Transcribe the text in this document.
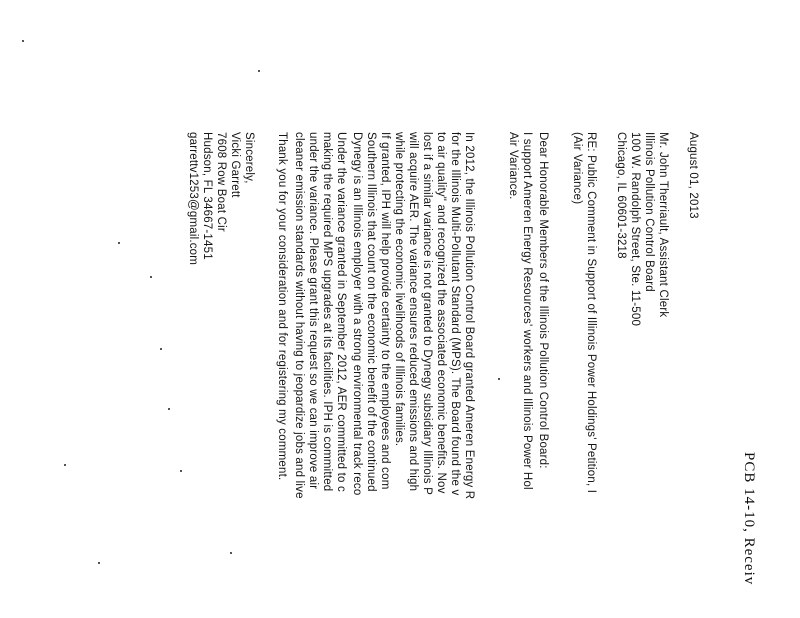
PCB 14-10, Receiv
August 01, 2013
Mr. John Therriault, Assistant Clerk
Illinois Pollution Control Board
100 W. Randolph Street, Ste. 11-500
Chicago, IL 60601-3218
RE: Public Comment in Support of Illinois Power Holdings' Petition, I
(Air Variance)
Dear Honorable Members of the Illinois Pollution Control Board:
I support Ameren Energy Resources' workers and Illinois Power Hol
Air Variance.
In 2012, the Illinois Pollution Control Board granted Ameren Energy R
for the Illinois Multi-Pollutant Standard (MPS). The Board found the v
to air quality" and recognized the associated economic benefits. Nov
lost if a similar variance is not granted to Dynegy subsidiary Illinois P
will acquire AER. The variance ensures reduced emissions and high
while protecting the economic livelihoods of Illinois families.
If granted, IPH will help provide certainty to the employees and com
Southern Illinois that count on the economic benefit of the continued
Dynegy is an Illinois employer with a strong environmental track reco
Under the variance granted in September 2012, AER committed to c
making the required MPS upgrades at its facilities. IPH is committed
under the variance. Please grant this request so we can improve air
cleaner emission standards without having to jeopardize jobs and live
Thank you for your consideration and for registering my comment.
Sincerely,
Vicki Garrett
7608 Row Boat Cir
Hudson, FL 34667-1451
garrettv1253@gmail.com
